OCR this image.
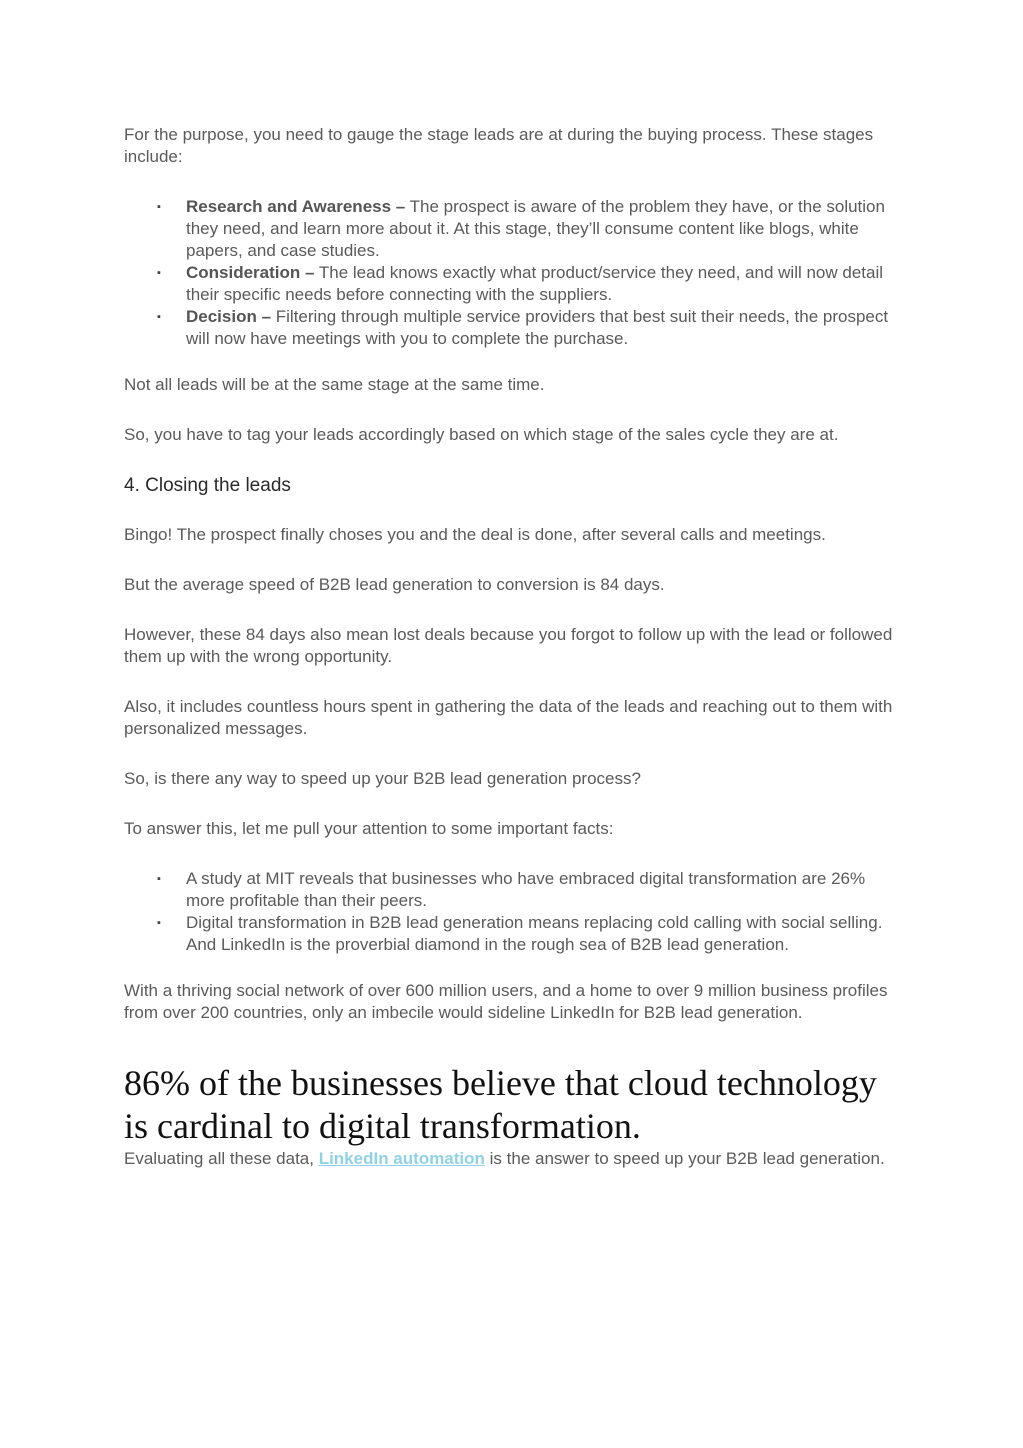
For the purpose, you need to gauge the stage leads are at during the buying process. These stages include:

▪ Research and Awareness – The prospect is aware of the problem they have, or the solution they need, and learn more about it. At this stage, they’ll consume content like blogs, white papers, and case studies.
▪ Consideration – The lead knows exactly what product/service they need, and will now detail their specific needs before connecting with the suppliers.
▪ Decision – Filtering through multiple service providers that best suit their needs, the prospect will now have meetings with you to complete the purchase.

Not all leads will be at the same stage at the same time.

So, you have to tag your leads accordingly based on which stage of the sales cycle they are at.

4. Closing the leads

Bingo! The prospect finally choses you and the deal is done, after several calls and meetings.

But the average speed of B2B lead generation to conversion is 84 days.

However, these 84 days also mean lost deals because you forgot to follow up with the lead or followed them up with the wrong opportunity.

Also, it includes countless hours spent in gathering the data of the leads and reaching out to them with personalized messages.

So, is there any way to speed up your B2B lead generation process?

To answer this, let me pull your attention to some important facts:

▪ A study at MIT reveals that businesses who have embraced digital transformation are 26% more profitable than their peers.
▪ Digital transformation in B2B lead generation means replacing cold calling with social selling. And LinkedIn is the proverbial diamond in the rough sea of B2B lead generation.

With a thriving social network of over 600 million users, and a home to over 9 million business profiles from over 200 countries, only an imbecile would sideline LinkedIn for B2B lead generation.

86% of the businesses believe that cloud technology is cardinal to digital transformation.

Evaluating all these data, LinkedIn automation is the answer to speed up your B2B lead generation.
